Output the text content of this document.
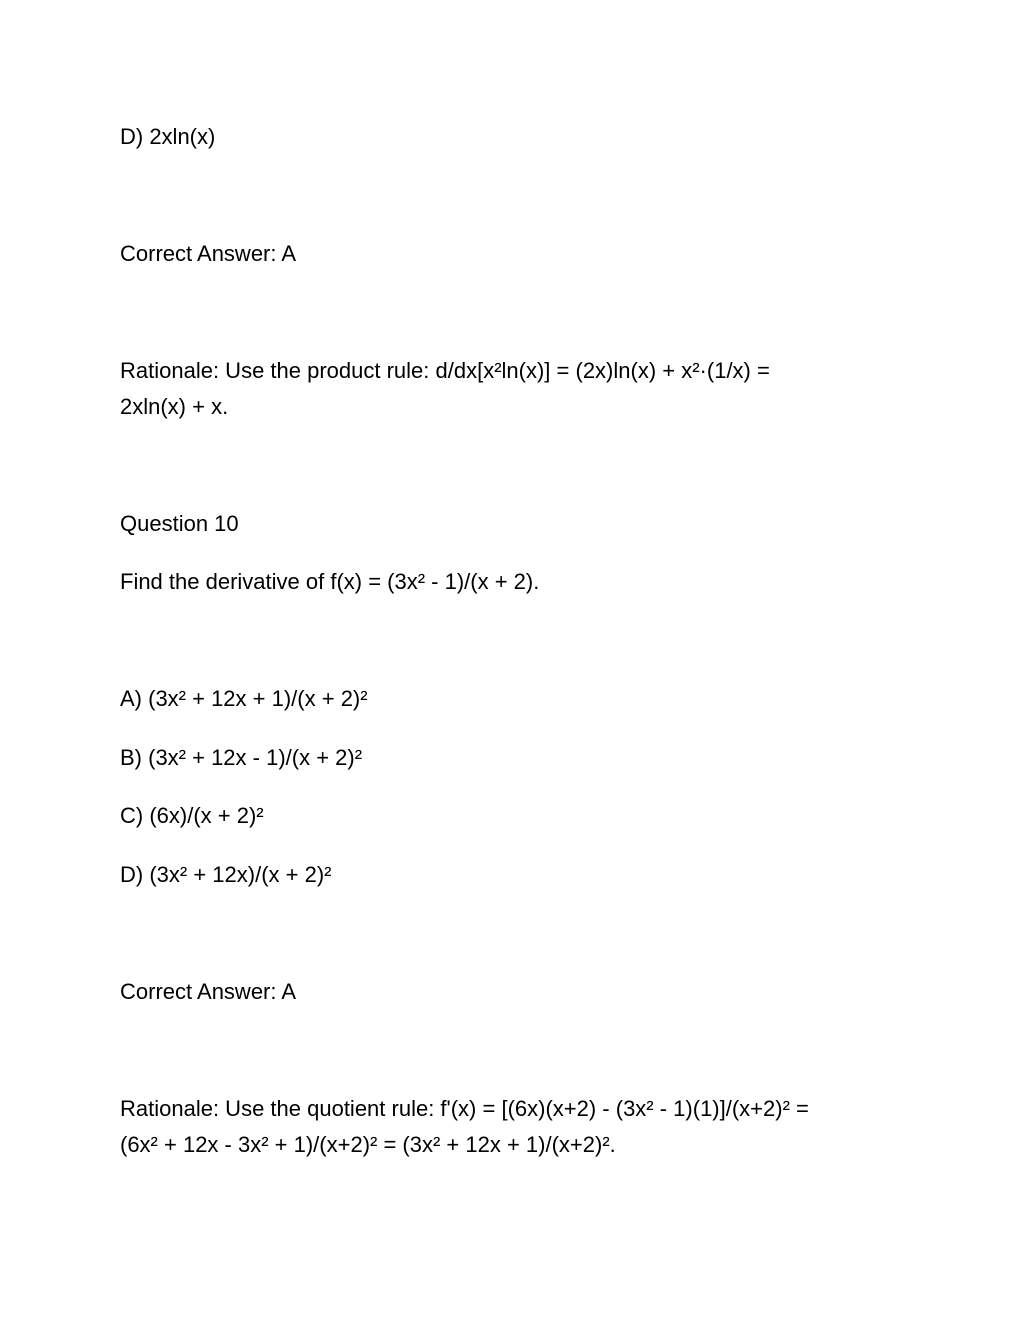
D) 2xln(x)
Correct Answer: A
Rationale: Use the product rule: d/dx[x²ln(x)] = (2x)ln(x) + x²·(1/x) =
2xln(x) + x.
Question 10
Find the derivative of f(x) = (3x² - 1)/(x + 2).
A) (3x² + 12x + 1)/(x + 2)²
B) (3x² + 12x - 1)/(x + 2)²
C) (6x)/(x + 2)²
D) (3x² + 12x)/(x + 2)²
Correct Answer: A
Rationale: Use the quotient rule: f'(x) = [(6x)(x+2) - (3x² - 1)(1)]/(x+2)² =
(6x² + 12x - 3x² + 1)/(x+2)² = (3x² + 12x + 1)/(x+2)².
